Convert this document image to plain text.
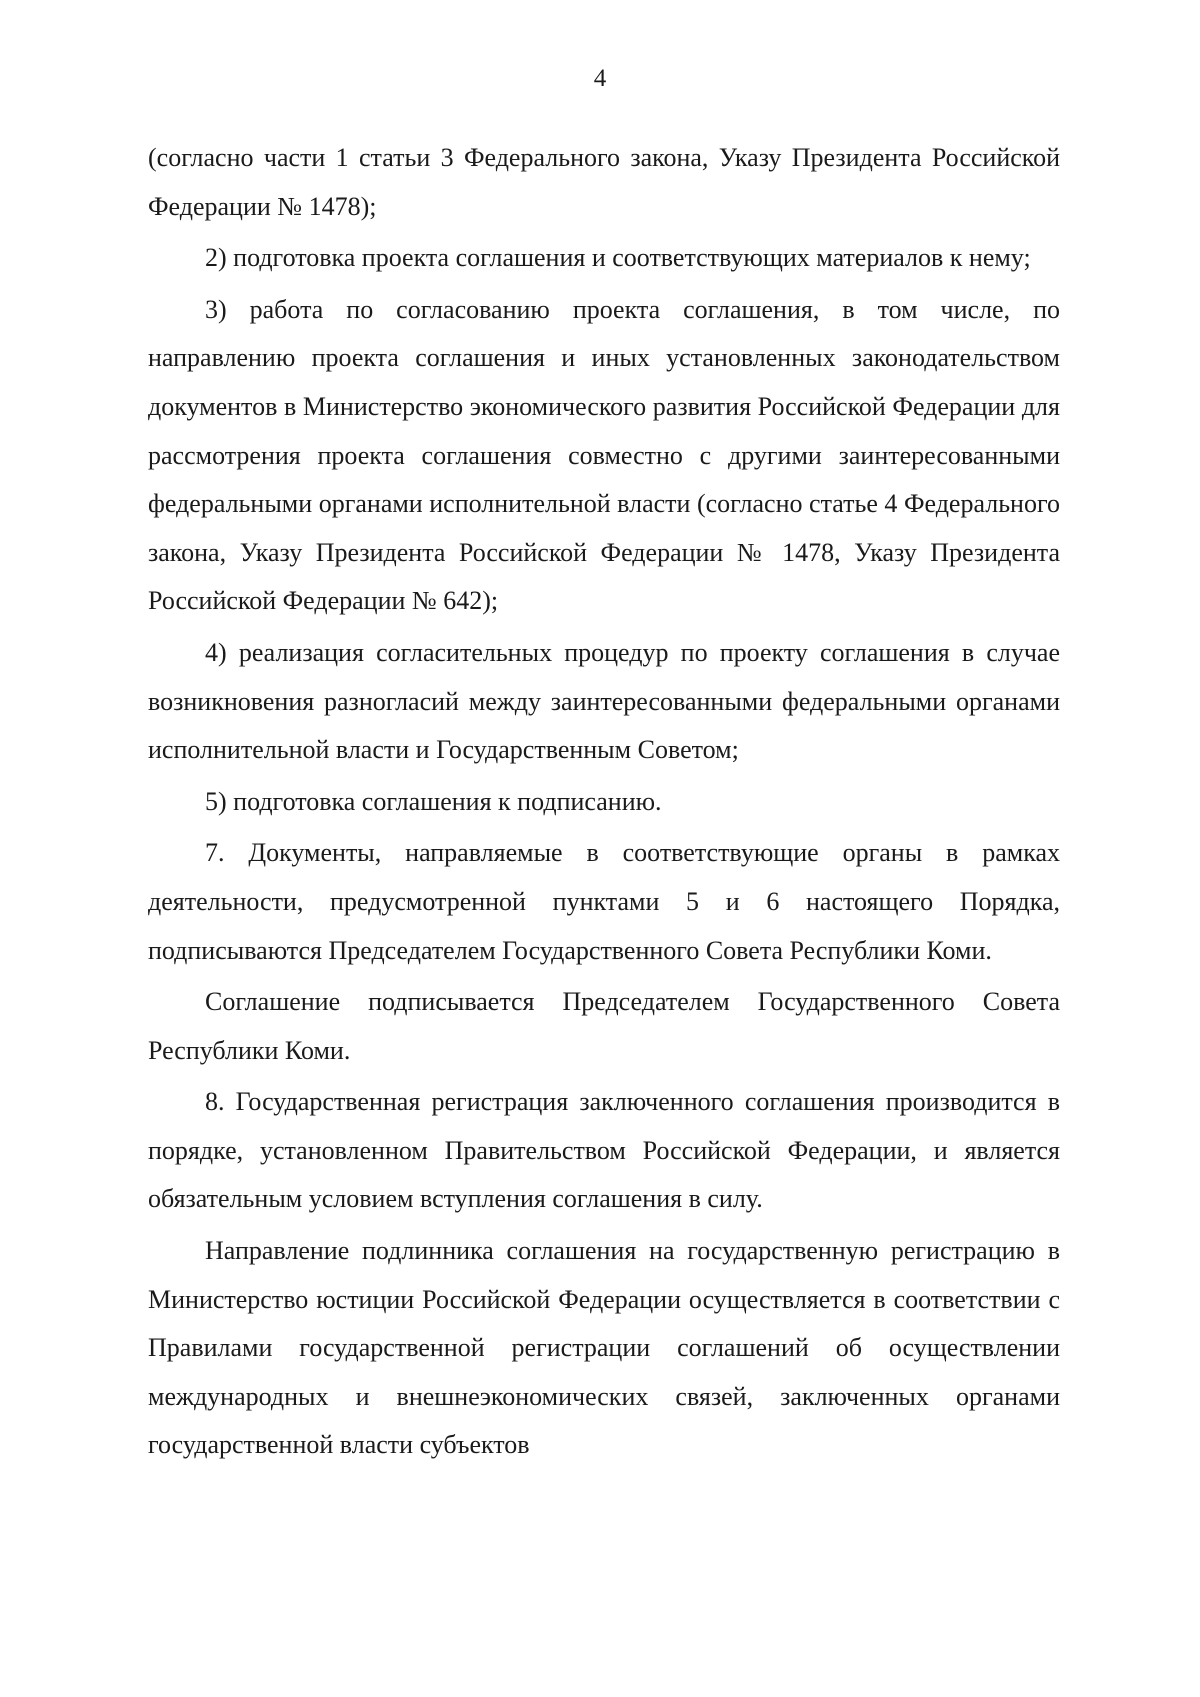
4

(согласно части 1 статьи 3 Федерального закона, Указу Президента Российской Федерации № 1478);

2) подготовка проекта соглашения и соответствующих материалов к нему;

3) работа по согласованию проекта соглашения, в том числе, по направлению проекта соглашения и иных установленных законодательством документов в Министерство экономического развития Российской Федерации для рассмотрения проекта соглашения совместно с другими заинтересованными федеральными органами исполнительной власти (согласно статье 4 Федерального закона, Указу Президента Российской Федерации № 1478, Указу Президента Российской Федерации № 642);

4) реализация согласительных процедур по проекту соглашения в случае возникновения разногласий между заинтересованными федеральными органами исполнительной власти и Государственным Советом;

5) подготовка соглашения к подписанию.

7. Документы, направляемые в соответствующие органы в рамках деятельности, предусмотренной пунктами 5 и 6 настоящего Порядка, подписываются Председателем Государственного Совета Республики Коми.

Соглашение подписывается Председателем Государственного Совета Республики Коми.

8. Государственная регистрация заключенного соглашения производится в порядке, установленном Правительством Российской Федерации, и является обязательным условием вступления соглашения в силу.

Направление подлинника соглашения на государственную регистрацию в Министерство юстиции Российской Федерации осуществляется в соответствии с Правилами государственной регистрации соглашений об осуществлении международных и внешнеэкономических связей, заключенных органами государственной власти субъектов
